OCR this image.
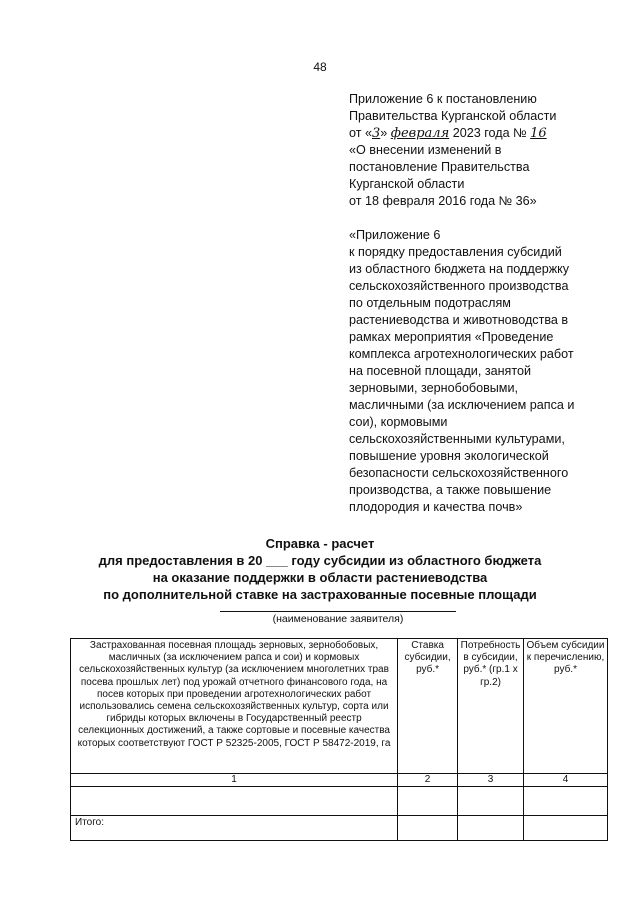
48
Приложение 6 к постановлению
Правительства Курганской области
от «3» февраля 2023 года № 16
«О внесении изменений в
постановление Правительства
Курганской области
от 18 февраля 2016 года № 36»
«Приложение 6
к порядку предоставления субсидий
из областного бюджета на поддержку
сельскохозяйственного производства
по отдельным подотраслям
растениеводства и животноводства в
рамках мероприятия «Проведение
комплекса агротехнологических работ
на посевной площади, занятой
зерновыми, зернобобовыми,
масличными (за исключением рапса и
сои), кормовыми
сельскохозяйственными культурами,
повышение уровня экологической
безопасности сельскохозяйственного
производства, а также повышение
плодородия и качества почв»
Справка - расчет
для предоставления в 20 ___ году субсидии из областного бюджета
на оказание поддержки в области растениеводства
по дополнительной ставке на застрахованные посевные площади
(наименование заявителя)
Застрахованная посевная площадь зерновых, зернобобовых, масличных (за исключением рапса и сои) и кормовых сельскохозяйственных культур (за исключением многолетних трав посева прошлых лет) под урожай отчетного финансового года, на посев которых при проведении агротехнологических работ использовались семена сельскохозяйственных культур, сорта или гибриды которых включены в Государственный реестр селекционных достижений, а также сортовые и посевные качества которых соответствуют ГОСТ Р 52325-2005, ГОСТ Р 58472-2019, га	Ставка субсидии, руб.*	Потребность в субсидии, руб.* (гр.1 х гр.2)	Объем субсидии к перечислению, руб.*
1	2	3	4

Итого:			
